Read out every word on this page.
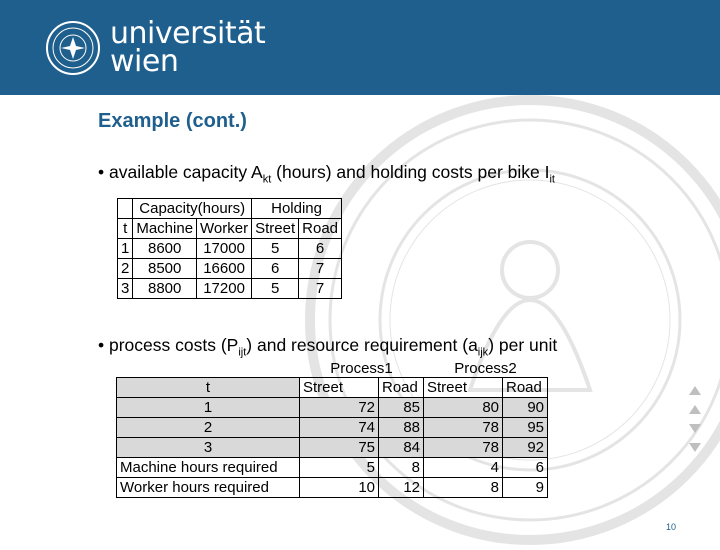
universität
wien
Example (cont.)
• available capacity $A_{kt}$ (hours) and holding costs per bike $I_{it}$
	Capacity(hours)		Holding	
t	Machine	Worker	Street	Road
1	8600	17000	5	6
2	8500	16600	6	7
3	8800	17200	5	7
• process costs $(P_{ijt})$ and resource requirement $(a_{ijk})$ per unit
	Process1		Process2	
t	Street	Road	Street	Road
1	72	85	80	90
2	74	88	78	95
3	75	84	78	92
Machine hours required	5	8	4	6
Worker hours required	10	12	8	9
10
